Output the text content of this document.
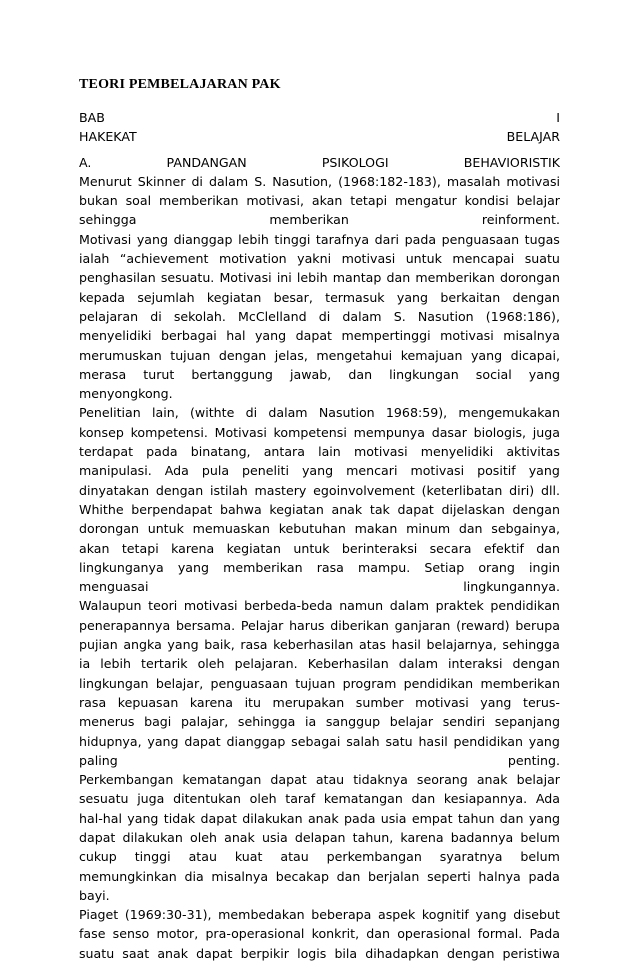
TEORI PEMBELAJARAN PAK
BAB	I
HAKEKAT	BELAJAR
A.	PANDANGAN	PSIKOLOGI	BEHAVIORISTIK
Menurut Skinner di dalam S. Nasution, (1968:182-183), masalah motivasi
bukan soal memberikan motivasi, akan tetapi mengatur kondisi belajar
sehingga	memberikan	reinforment.
Motivasi yang dianggap lebih tinggi tarafnya dari pada penguasaan tugas
ialah “achievement motivation yakni motivasi untuk mencapai suatu
penghasilan sesuatu. Motivasi ini lebih mantap dan memberikan dorongan
kepada sejumlah kegiatan besar, termasuk yang berkaitan dengan
pelajaran di sekolah. McClelland di dalam S. Nasution (1968:186),
menyelidiki berbagai hal yang dapat mempertinggi motivasi misalnya
merumuskan tujuan dengan jelas, mengetahui kemajuan yang dicapai,
merasa turut bertanggung jawab, dan lingkungan social yang
menyongkong.
Penelitian lain, (withte di dalam Nasution 1968:59), mengemukakan
konsep kompetensi. Motivasi kompetensi mempunya dasar biologis, juga
terdapat pada binatang, antara lain motivasi menyelidiki aktivitas
manipulasi. Ada pula peneliti yang mencari motivasi positif yang
dinyatakan dengan istilah mastery egoinvolvement (keterlibatan diri) dll.
Whithe berpendapat bahwa kegiatan anak tak dapat dijelaskan dengan
dorongan untuk memuaskan kebutuhan makan minum dan sebgainya,
akan tetapi karena kegiatan untuk berinteraksi secara efektif dan
lingkunganya yang memberikan rasa mampu. Setiap orang ingin
menguasai	lingkungannya.
Walaupun teori motivasi berbeda-beda namun dalam praktek pendidikan
penerapannya bersama. Pelajar harus diberikan ganjaran (reward) berupa
pujian angka yang baik, rasa keberhasilan atas hasil belajarnya, sehingga
ia lebih tertarik oleh pelajaran. Keberhasilan dalam interaksi dengan
lingkungan belajar, penguasaan tujuan program pendidikan memberikan
rasa kepuasan karena itu merupakan sumber motivasi yang terus-
menerus bagi palajar, sehingga ia sanggup belajar sendiri sepanjang
hidupnya, yang dapat dianggap sebagai salah satu hasil pendidikan yang
paling	penting.
Perkembangan kematangan dapat atau tidaknya seorang anak belajar
sesuatu juga ditentukan oleh taraf kematangan dan kesiapannya. Ada
hal-hal yang tidak dapat dilakukan anak pada usia empat tahun dan yang
dapat dilakukan oleh anak usia delapan tahun, karena badannya belum
cukup tinggi atau kuat atau perkembangan syaratnya belum
memungkinkan dia misalnya becakap dan berjalan seperti halnya pada
bayi.
Piaget (1969:30-31), membedakan beberapa aspek kognitif yang disebut
fase senso motor, pra-operasional konkrit, dan operasional formal. Pada
suatu saat anak dapat berpikir logis bila dihadapkan dengan peristiwa
